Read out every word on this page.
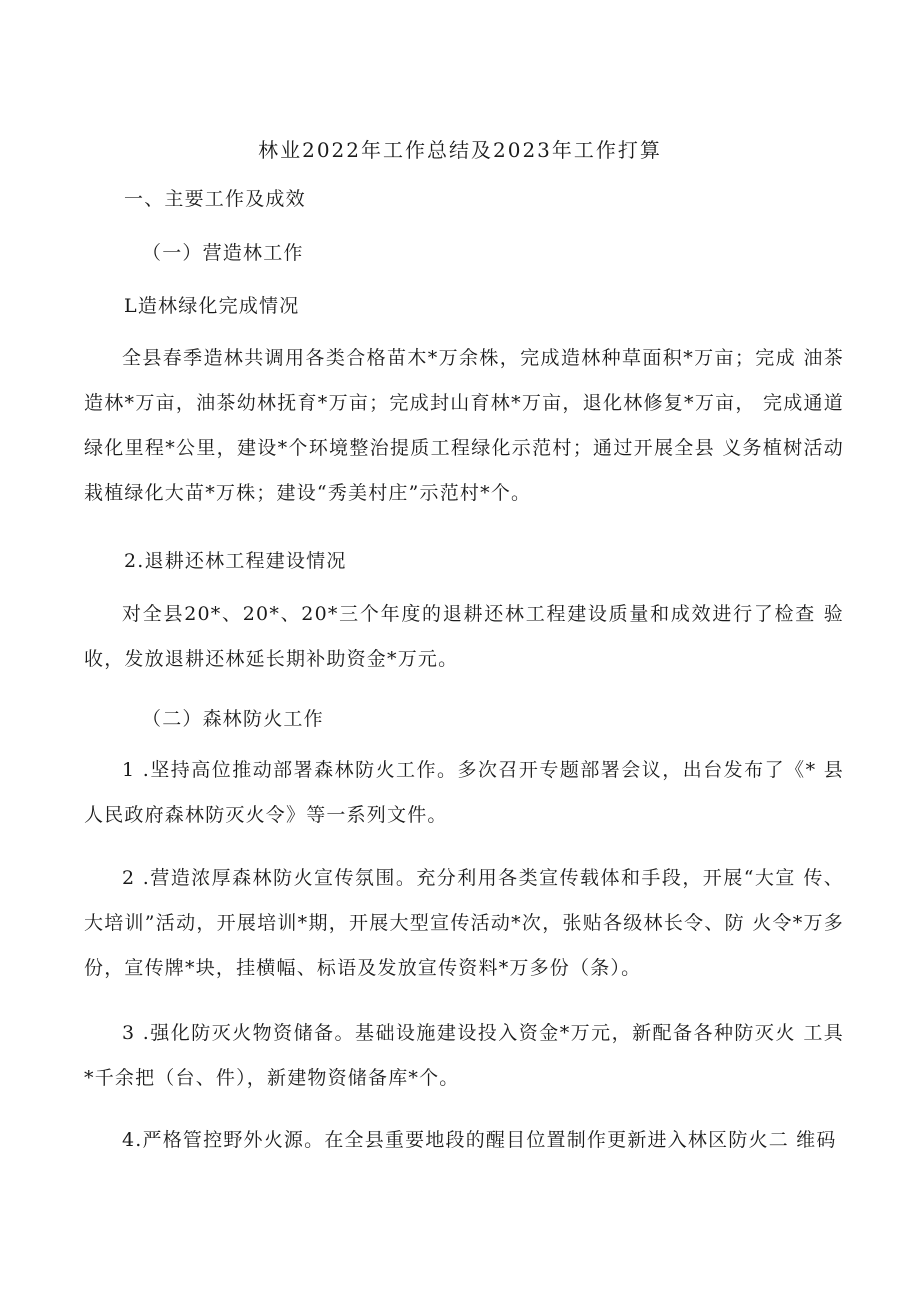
林业2022年工作总结及2023年工作打算
一、主要工作及成效
（一）营造林工作
L造林绿化完成情况

全县春季造林共调用各类合格苗木*万余株，完成造林种草面积*万亩；完成 油茶造林*万亩，油茶幼林抚育*万亩；完成封山育林*万亩，退化林修复*万亩， 完成通道绿化里程*公里，建设*个环境整治提质工程绿化示范村；通过开展全县 义务植树活动栽植绿化大苗*万株；建设“秀美村庄”示范村*个。

2.退耕还林工程建设情况

对全县20*、20*、20*三个年度的退耕还林工程建设质量和成效进行了检查 验收，发放退耕还林延长期补助资金*万元。

（二）森林防火工作

1 .坚持高位推动部署森林防火工作。多次召开专题部署会议，出台发布了《* 县人民政府森林防灭火令》等一系列文件。

2 .营造浓厚森林防火宣传氛围。充分利用各类宣传载体和手段，开展“大宣 传、大培训”活动，开展培训*期，开展大型宣传活动*次，张贴各级林长令、防 火令*万多份，宣传牌*块，挂横幅、标语及发放宣传资料*万多份（条）。

3 .强化防灭火物资储备。基础设施建设投入资金*万元，新配备各种防灭火 工具*千余把（台、件），新建物资储备库*个。

4.严格管控野外火源。在全县重要地段的醒目位置制作更新进入林区防火二 维码
